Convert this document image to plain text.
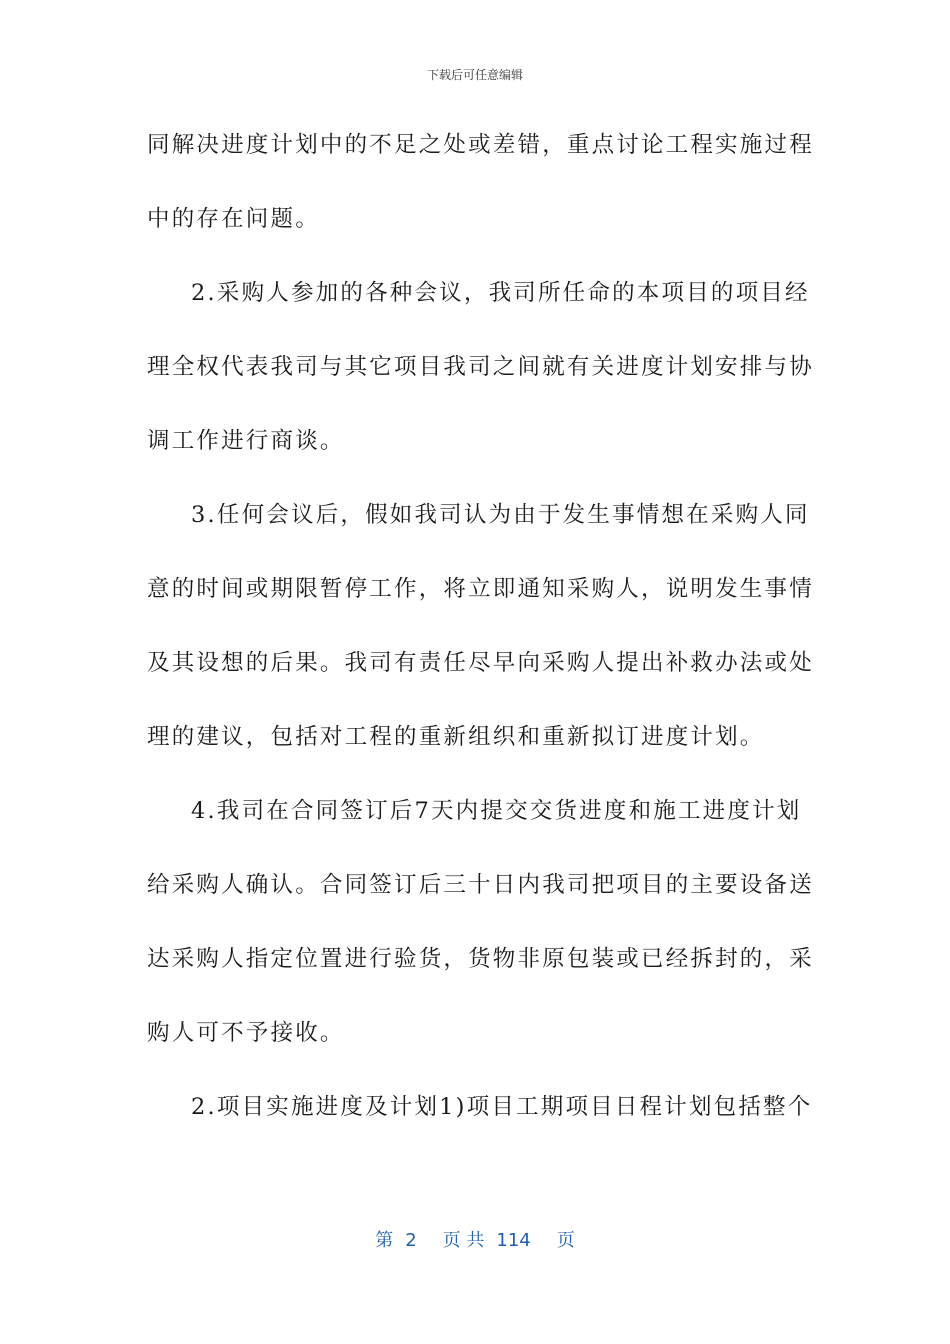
下载后可任意编辑
同解决进度计划中的不足之处或差错，重点讨论工程实施过程
中的存在问题。
2.采购人参加的各种会议，我司所任命的本项目的项目经
理全权代表我司与其它项目我司之间就有关进度计划安排与协
调工作进行商谈。
3.任何会议后，假如我司认为由于发生事情想在采购人同
意的时间或期限暂停工作，将立即通知采购人，说明发生事情
及其设想的后果。我司有责任尽早向采购人提出补救办法或处
理的建议，包括对工程的重新组织和重新拟订进度计划。
4.我司在合同签订后7天内提交交货进度和施工进度计划
给采购人确认。合同签订后三十日内我司把项目的主要设备送
达采购人指定位置进行验货，货物非原包装或已经拆封的，采
购人可不予接收。
2.项目实施进度及计划1)项目工期项目日程计划包括整个
第 2 页 共 114 页
